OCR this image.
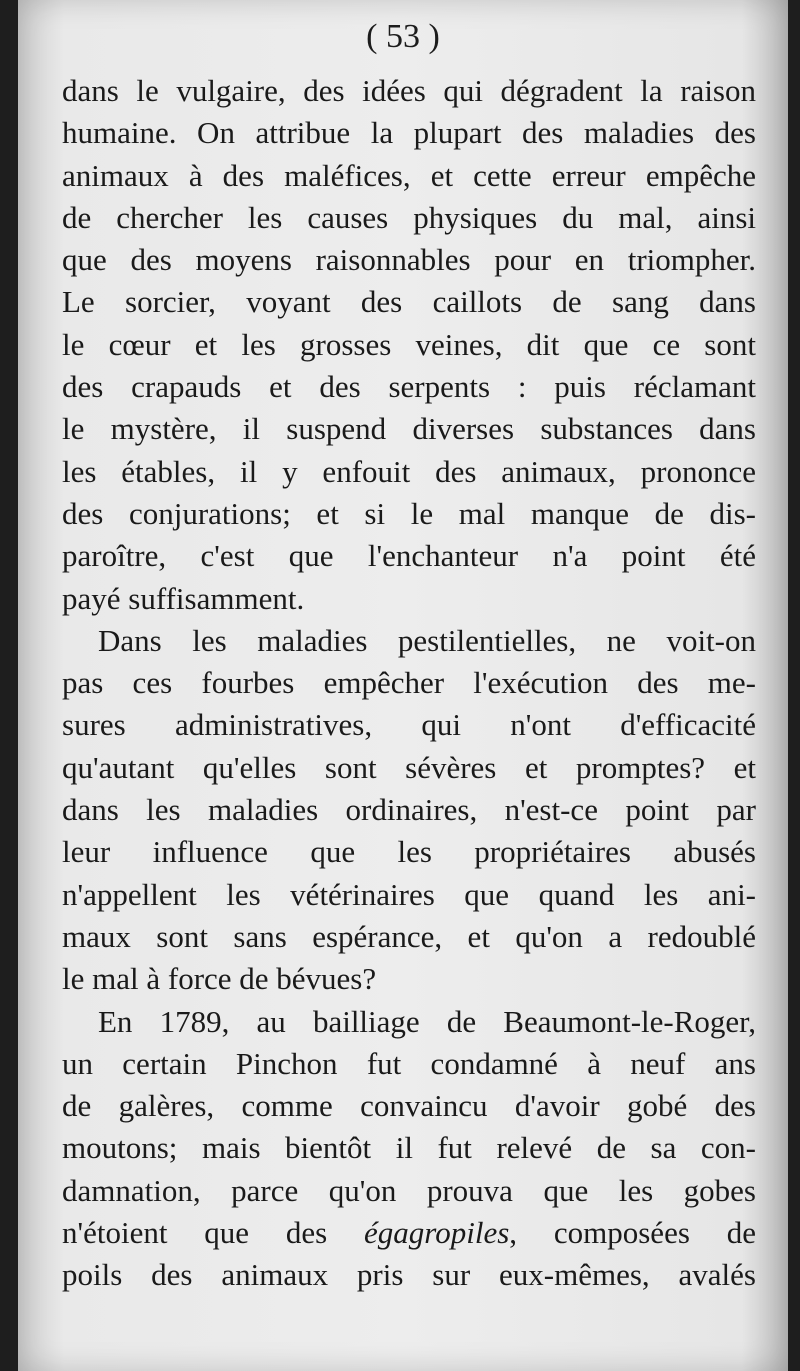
( 53 )
dans le vulgaire, des idées qui dégradent la raison
humaine. On attribue la plupart des maladies des
animaux à des maléfices, et cette erreur empêche
de chercher les causes physiques du mal, ainsi
que des moyens raisonnables pour en triompher.
Le sorcier, voyant des caillots de sang dans
le cœur et les grosses veines, dit que ce sont
des crapauds et des serpents : puis réclamant
le mystère, il suspend diverses substances dans
les étables, il y enfouit des animaux, prononce
des conjurations; et si le mal manque de dis-
paroître, c'est que l'enchanteur n'a point été
payé suffisamment.
Dans les maladies pestilentielles, ne voit-on
pas ces fourbes empêcher l'exécution des me-
sures administratives, qui n'ont d'efficacité
qu'autant qu'elles sont sévères et promptes? et
dans les maladies ordinaires, n'est-ce point par
leur influence que les propriétaires abusés
n'appellent les vétérinaires que quand les ani-
maux sont sans espérance, et qu'on a redoublé
le mal à force de bévues?
En 1789, au bailliage de Beaumont-le-Roger,
un certain Pinchon fut condamné à neuf ans
de galères, comme convaincu d'avoir gobé des
moutons; mais bientôt il fut relevé de sa con-
damnation, parce qu'on prouva que les gobes
n'étoient que des égagropiles, composées de
poils des animaux pris sur eux-mêmes, avalés
